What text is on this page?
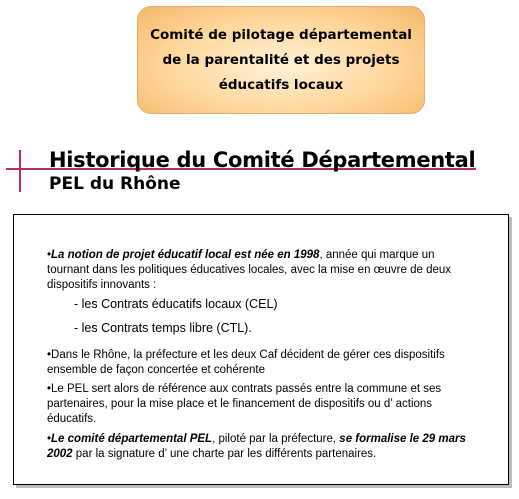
Comité de pilotage départemental
de la parentalité et des projets
éducatifs locaux
Historique du Comité Départemental
PEL du Rhône
•La notion de projet éducatif local est née en 1998, année qui marque un
tournant dans les politiques éducatives locales, avec la mise en œuvre de deux
dispositifs innovants :
- les Contrats éducatifs locaux (CEL)
- les Contrats temps libre (CTL).
•Dans le Rhône, la préfecture et les deux Caf décident de gérer ces dispositifs
ensemble de façon concertée et cohérente
•Le PEL sert alors de référence aux contrats passés entre la commune et ses
partenaires, pour la mise place et le financement de dispositifs ou d’ actions
éducatifs.
•Le comité départemental PEL, piloté par la préfecture, se formalise le 29 mars
2002 par la signature d’ une charte par les différents partenaires.
